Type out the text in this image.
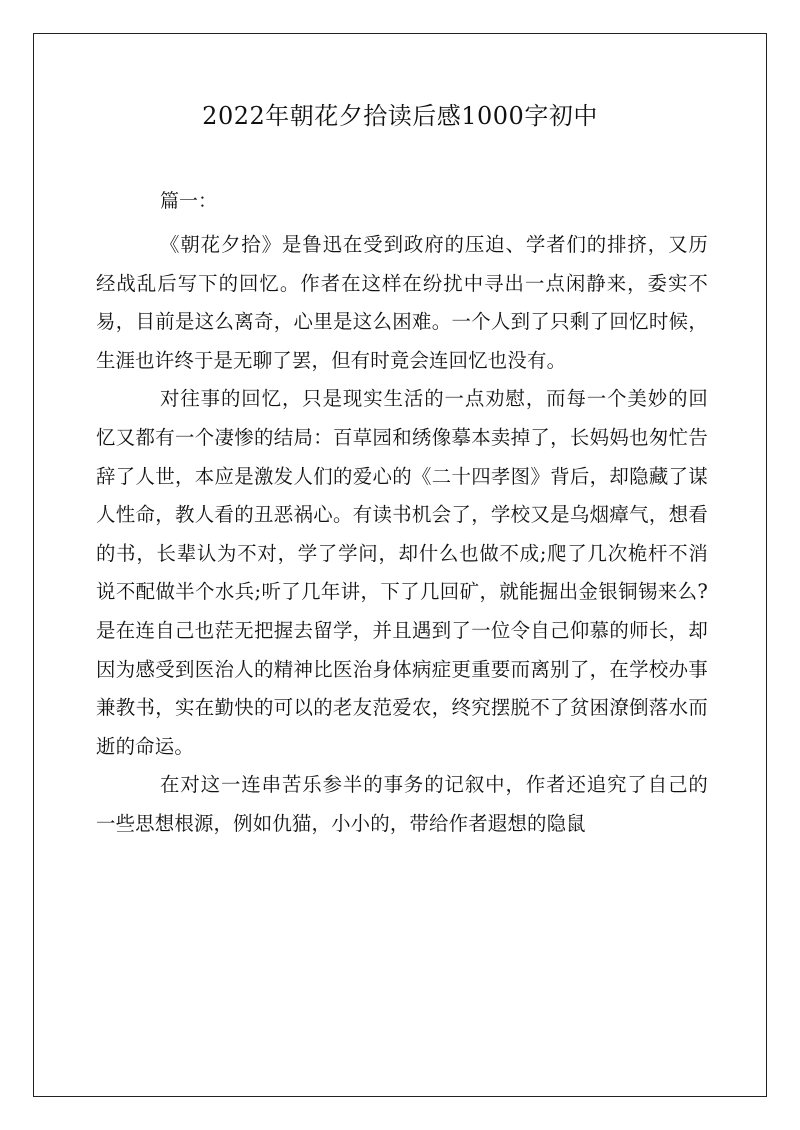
2022年朝花夕拾读后感1000字初中

篇一：

《朝花夕拾》是鲁迅在受到政府的压迫、学者们的排挤，又历经战乱后写下的回忆。作者在这样在纷扰中寻出一点闲静来，委实不易，目前是这么离奇，心里是这么困难。一个人到了只剩了回忆时候，生涯也许终于是无聊了罢，但有时竟会连回忆也没有。

对往事的回忆，只是现实生活的一点劝慰，而每一个美妙的回忆又都有一个凄惨的结局：百草园和绣像摹本卖掉了，长妈妈也匆忙告辞了人世，本应是激发人们的爱心的《二十四孝图》背后，却隐藏了谋人性命，教人看的丑恶祸心。有读书机会了，学校又是乌烟瘴气，想看的书，长辈认为不对，学了学问，却什么也做不成;爬了几次桅杆不消说不配做半个水兵;听了几年讲，下了几回矿，就能掘出金银铜锡来么?是在连自己也茫无把握去留学，并且遇到了一位令自己仰慕的师长，却因为感受到医治人的精神比医治身体病症更重要而离别了，在学校办事兼教书，实在勤快的可以的老友范爱农，终究摆脱不了贫困潦倒落水而逝的命运。

在对这一连串苦乐参半的事务的记叙中，作者还追究了自己的一些思想根源，例如仇猫，小小的，带给作者遐想的隐鼠
